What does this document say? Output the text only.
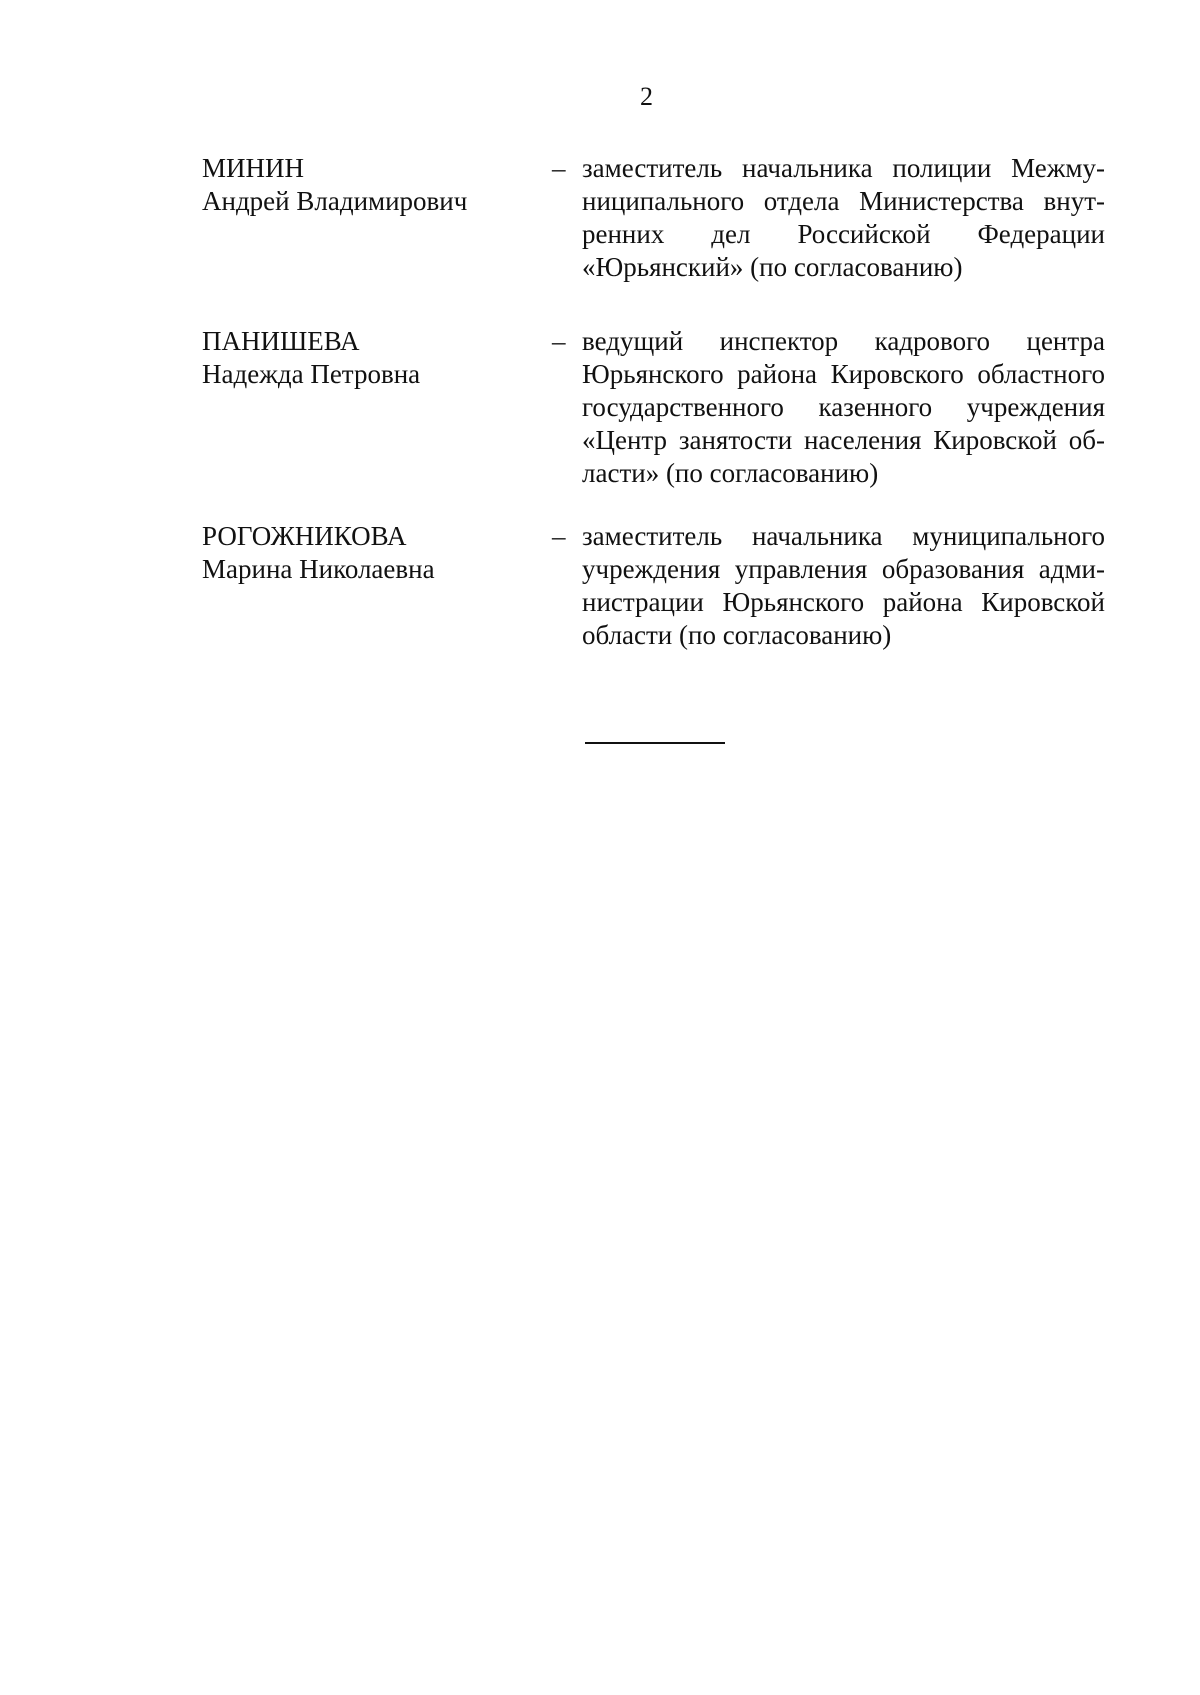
2
МИНИН
Андрей Владимирович
– заместитель начальника полиции Межмуниципального отдела Министерства внутренних дел Российской Федерации «Юрьянский» (по согласованию)
ПАНИШЕВА
Надежда Петровна
– ведущий инспектор кадрового центра Юрьянского района Кировского областного государственного казенного учреждения «Центр занятости населения Кировской области» (по согласованию)
РОГОЖНИКОВА
Марина Николаевна
– заместитель начальника муниципального учреждения управления образования администрации Юрьянского района Кировской области (по согласованию)
